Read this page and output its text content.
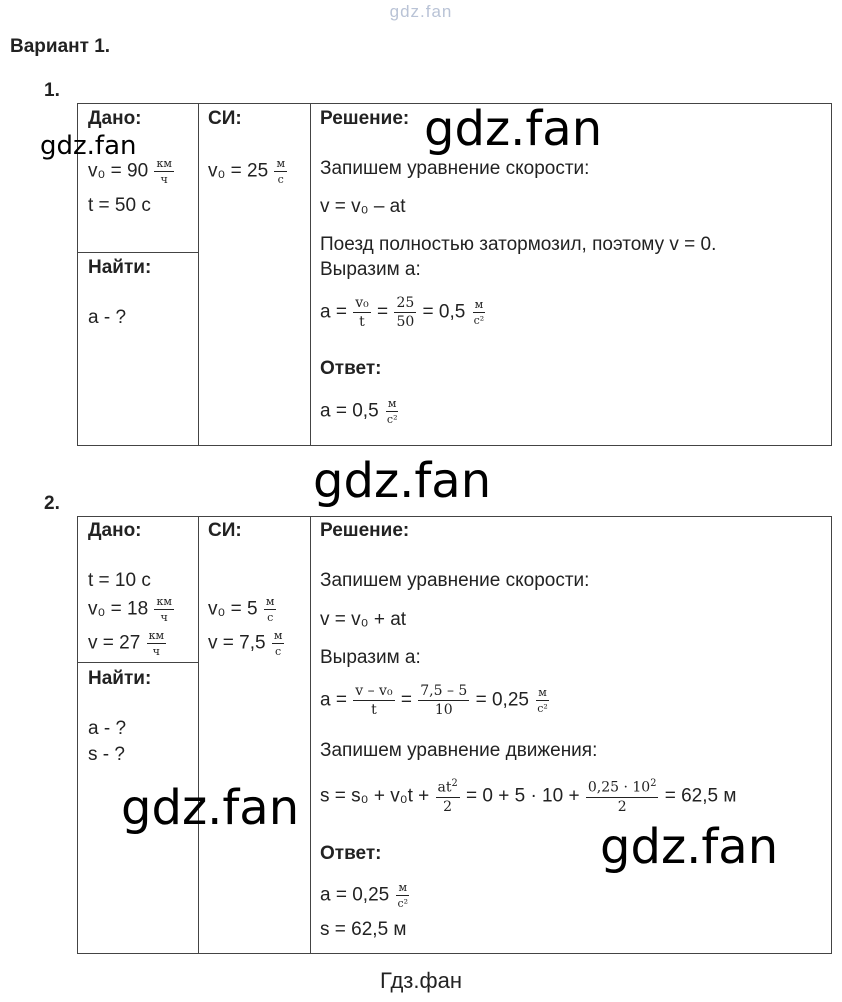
gdz.fan
Вариант 1.
1.
Дано:
$v_0 = 90 \frac{км}{ч}$
t = 50 с
Найти:
a - ?
СИ:
$v_0 = 25 \frac{м}{с}$
Решение:
Запишем уравнение скорости:
v = v₀ – at
Поезд полностью затормозил, поэтому v = 0.
Выразим a:
$a = \frac{\text{v₀}}{t} = \frac{25}{50} = 0,5 \frac{м}{\text{с²}}$
Ответ:
$a = 0,5 \frac{м}{\text{с²}}$
2.
Дано:
t = 10 с
$v_0 = 18 \frac{км}{ч}$
$v = 27 \frac{км}{ч}$
Найти:
a - ?
s - ?
СИ:
$v_0 = 5 \frac{м}{с}$
$v = 7,5 \frac{м}{с}$
Решение:
Запишем уравнение скорости:
v = v₀ + at
Выразим a:
$a = \frac{\text{v – v₀}}{t} = \frac{7,5 - 5}{10} = 0,25 \frac{м}{\text{с²}}$
Запишем уравнение движения:
$s = s_0 + v_0t + \frac{at^2}{2} = 0 + 5 \cdot 10 + \frac{0,25 \cdot 10^2}{2} = 62,5$ м
Ответ:
$a = 0,25 \frac{м}{\text{с²}}$
s = 62,5 м
gdz.fan	gdz.fan
gdz.fan
gdz.fan
gdz.fan
Гдз.фан
